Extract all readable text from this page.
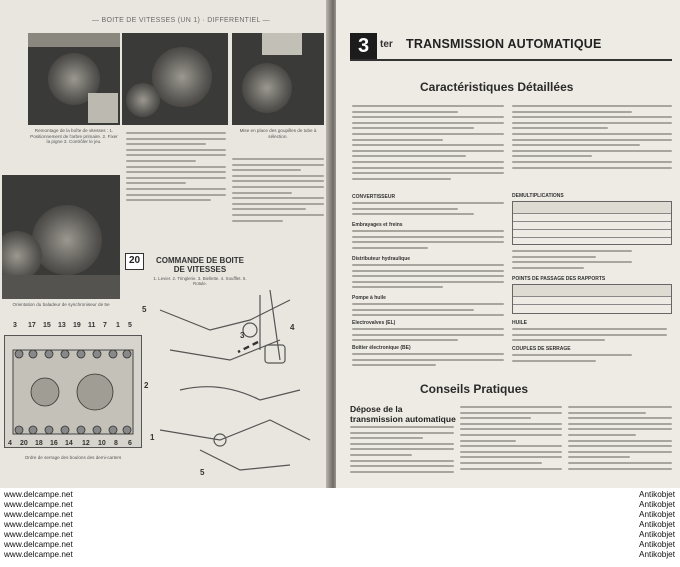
— BOITE DE VITESSES (UN 1) · DIFFERENTIEL —
Remontage de la boîte de vitesses : 1. Positionnement de l'arbre primaire. 2. Fixer la pigne 3. Contrôler le jeu.
Mise en place des goupilles de tube à sélection.
Orientation du baladeur de synchroniseur de 5e
20	COMMANDE DE BOITE DE VITESSES
1. Levier. 2. Tringlerie. 3. Biellette. 4. Soufflet. 5. Rotule.
5
4
3
2
1
5
3 17 15 13 19 11 7 1 5
4 20 18 16 14 12 10 8 6
Ordre de serrage des boulons des demi-carters
3	ter TRANSMISSION AUTOMATIQUE
Caractéristiques Détaillées
CONVERTISSEUR
Embrayages et freins
Distributeur hydraulique
Pompe à huile
Electrovalves (EL)
Boîtier électronique (BE)
DEMULTIPLICATIONS
POINTS DE PASSAGE DES RAPPORTS
HUILE
COUPLES DE SERRAGE
Conseils Pratiques
Dépose de la transmission automatique
www.delcampe.net
www.delcampe.net
www.delcampe.net
www.delcampe.net
www.delcampe.net
www.delcampe.net
www.delcampe.net
Antikobjet
Antikobjet
Antikobjet
Antikobjet
Antikobjet
Antikobjet
Antikobjet
